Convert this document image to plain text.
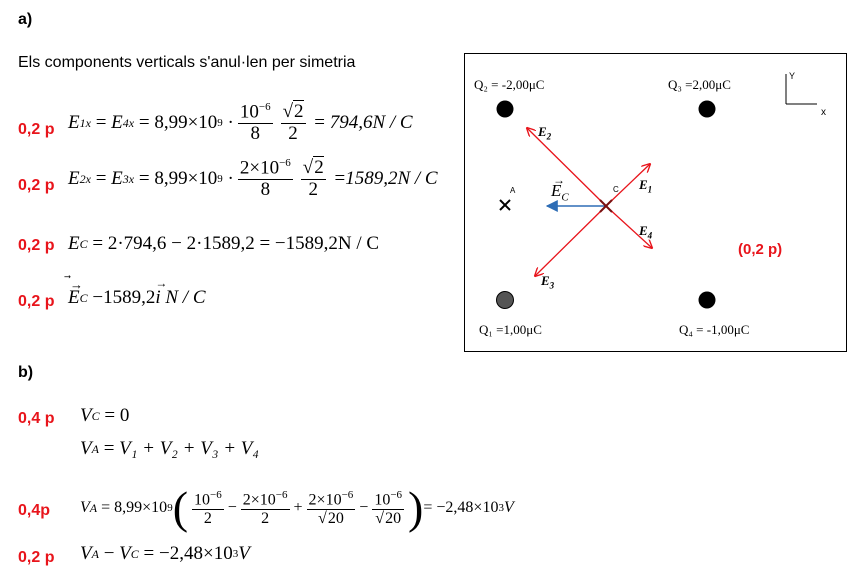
a)
Els components verticals s'anul·len per simetria
0,2 p E 1x = E 4x = 8,99×10 $9 \cdot \frac{10^{-6}}{8} \frac{√2}{2} = 794,6N / C$
0,2 p E 2x = E 3x = 8,99×10 $9 \cdot \frac{2\times 10^{-6}}{8} \frac{√2}{2} = 1589,2N / C$
0,2 p E C = 2·794,6 − 2·1589,2 = −1589,2N / C
0,2 p
→
E C
−1589,2
→
i
N / C
Q₂ = -2,00μC	Q₃ =2,00μC
Q₁ =1,00μC	Q₄ = -1,00μC
Y
x
A	C
$E_2$
$E_1$
$E_3$
$E_4$
→
$E_C$
(0,2 p)
b)
0,4 p V C
= 0
V A = V₁ + V₂ + V₃ + V₄
0,4p V A = 8,99×10 9 ( $\frac{10^{-6}}{2} - \frac{2\times 10^{-6}}{2} + \frac{2\times 10^{-6}}{√20} - \frac{10^{-6}}{√20}$ ) = −2,48×10 3 V
0,2 p V A − V C
= −2,48×10 3 V
